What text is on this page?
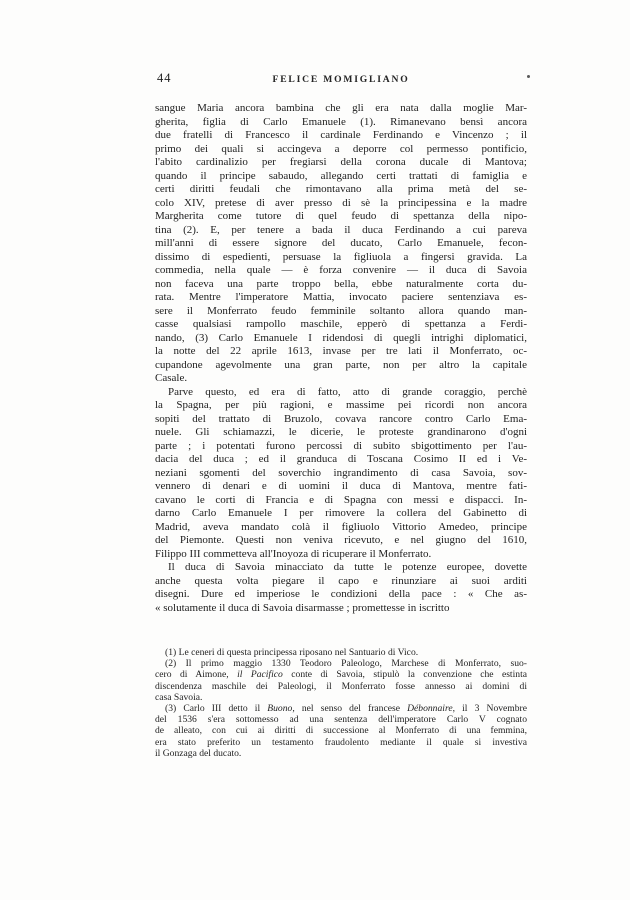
44	FELICE MOMIGLIANO
sangue Maria ancora bambina che gli era nata dalla moglie Mar-
gherita, figlia di Carlo Emanuele (1). Rimanevano bensì ancora
due fratelli di Francesco il cardinale Ferdinando e Vincenzo ; il
primo dei quali si accingeva a deporre col permesso pontificio,
l'abito cardinalizio per fregiarsi della corona ducale di Mantova;
quando il principe sabaudo, allegando certi trattati di famiglia e
certi diritti feudali che rimontavano alla prima metà del se-
colo XIV, pretese di aver presso di sè la principessina e la madre
Margherita come tutore di quel feudo di spettanza della nipo-
tina (2). E, per tenere a bada il duca Ferdinando a cui pareva
mill'anni di essere signore del ducato, Carlo Emanuele, fecon-
dissimo di espedienti, persuase la figliuola a fingersi gravida. La
commedia, nella quale — è forza convenire — il duca di Savoia
non faceva una parte troppo bella, ebbe naturalmente corta du-
rata. Mentre l'imperatore Mattia, invocato paciere sentenziava es-
sere il Monferrato feudo femminile soltanto allora quando man-
casse qualsiasi rampollo maschile, epperò di spettanza a Ferdi-
nando, (3) Carlo Emanuele I ridendosi di quegli intrighi diplomatici,
la notte del 22 aprile 1613, invase per tre lati il Monferrato, oc-
cupandone agevolmente una gran parte, non per altro la capitale
Casale.
Parve questo, ed era di fatto, atto di grande coraggio, perchè
la Spagna, per più ragioni, e massime pei ricordi non ancora
sopiti del trattato di Bruzolo, covava rancore contro Carlo Ema-
nuele. Gli schiamazzi, le dicerie, le proteste grandinarono d'ogni
parte ; i potentati furono percossi di subito sbigottimento per l'au-
dacia del duca ; ed il granduca di Toscana Cosimo II ed i Ve-
neziani sgomenti del soverchio ingrandimento di casa Savoia, sov-
vennero di denari e di uomini il duca di Mantova, mentre fati-
cavano le corti di Francia e di Spagna con messi e dispacci. In-
darno Carlo Emanuele I per rimovere la collera del Gabinetto di
Madrid, aveva mandato colà il figliuolo Vittorio Amedeo, principe
del Piemonte. Questi non veniva ricevuto, e nel giugno del 1610,
Filippo III commetteva all'Inoyoza di ricuperare il Monferrato.
Il duca di Savoia minacciato da tutte le potenze europee, dovette
anche questa volta piegare il capo e rinunziare ai suoi arditi
disegni. Dure ed imperiose le condizioni della pace : « Che as-
« solutamente il duca di Savoia disarmasse ; promettesse in iscritto
(1) Le ceneri di questa principessa riposano nel Santuario di Vico.
(2) Il primo maggio 1330 Teodoro Paleologo, Marchese di Monferrato, suo-
cero di Aimone, il Pacifico conte di Savoia, stipulò la convenzione che estinta
discendenza maschile dei Paleologi, il Monferrato fosse annesso ai domini di
casa Savoia.
(3) Carlo III detto il Buono, nel senso del francese Débonnaire, il 3 Novembre
del 1536 s'era sottomesso ad una sentenza dell'imperatore Carlo V cognato
de alleato, con cui ai diritti di successione al Monferrato di una femmina,
era stato preferito un testamento fraudolento mediante il quale si investiva
il Gonzaga del ducato.
